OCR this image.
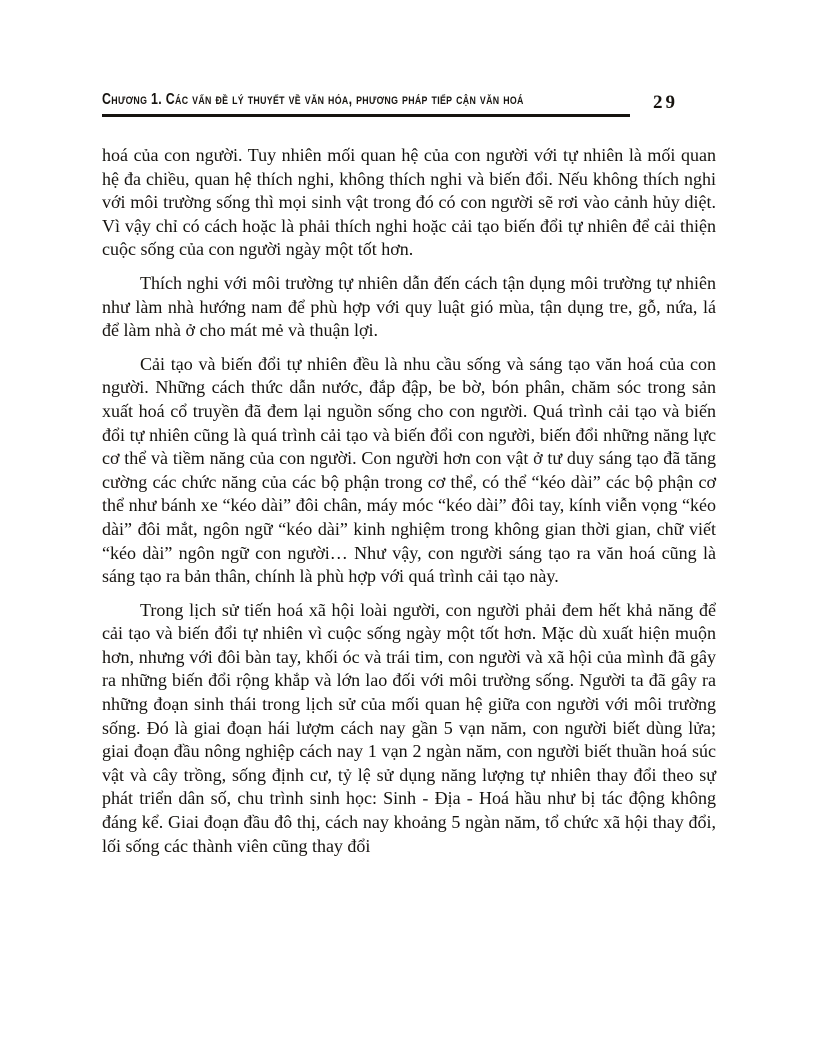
Chương 1. Các vấn đề lý thuyết về văn hóa, phương pháp tiếp cận văn hoá	29

hoá của con người. Tuy nhiên mối quan hệ của con người với tự nhiên là mối quan hệ đa chiều, quan hệ thích nghi, không thích nghi và biến đổi. Nếu không thích nghi với môi trường sống thì mọi sinh vật trong đó có con người sẽ rơi vào cảnh hủy diệt. Vì vậy chỉ có cách hoặc là phải thích nghi hoặc cải tạo biến đổi tự nhiên để cải thiện cuộc sống của con người ngày một tốt hơn.

Thích nghi với môi trường tự nhiên dẫn đến cách tận dụng môi trường tự nhiên như làm nhà hướng nam để phù hợp với quy luật gió mùa, tận dụng tre, gỗ, nứa, lá để làm nhà ở cho mát mẻ và thuận lợi.

Cải tạo và biến đổi tự nhiên đều là nhu cầu sống và sáng tạo văn hoá của con người. Những cách thức dẫn nước, đắp đập, be bờ, bón phân, chăm sóc trong sản xuất hoá cổ truyền đã đem lại nguồn sống cho con người. Quá trình cải tạo và biến đổi tự nhiên cũng là quá trình cải tạo và biến đổi con người, biến đổi những năng lực cơ thể và tiềm năng của con người. Con người hơn con vật ở tư duy sáng tạo đã tăng cường các chức năng của các bộ phận trong cơ thể, có thể “kéo dài” các bộ phận cơ thể như bánh xe “kéo dài” đôi chân, máy móc “kéo dài” đôi tay, kính viễn vọng “kéo dài” đôi mắt, ngôn ngữ “kéo dài” kinh nghiệm trong không gian thời gian, chữ viết “kéo dài” ngôn ngữ con người… Như vậy, con người sáng tạo ra văn hoá cũng là sáng tạo ra bản thân, chính là phù hợp với quá trình cải tạo này.

Trong lịch sử tiến hoá xã hội loài người, con người phải đem hết khả năng để cải tạo và biến đổi tự nhiên vì cuộc sống ngày một tốt hơn. Mặc dù xuất hiện muộn hơn, nhưng với đôi bàn tay, khối óc và trái tim, con người và xã hội của mình đã gây ra những biến đổi rộng khắp và lớn lao đối với môi trường sống. Người ta đã gây ra những đoạn sinh thái trong lịch sử của mối quan hệ giữa con người với môi trường sống. Đó là giai đoạn hái lượm cách nay gần 5 vạn năm, con người biết dùng lửa; giai đoạn đầu nông nghiệp cách nay 1 vạn 2 ngàn năm, con người biết thuần hoá súc vật và cây trồng, sống định cư, tỷ lệ sử dụng năng lượng tự nhiên thay đổi theo sự phát triển dân số, chu trình sinh học: Sinh - Địa - Hoá hầu như bị tác động không đáng kể. Giai đoạn đầu đô thị, cách nay khoảng 5 ngàn năm, tổ chức xã hội thay đổi, lối sống các thành viên cũng thay đổi
